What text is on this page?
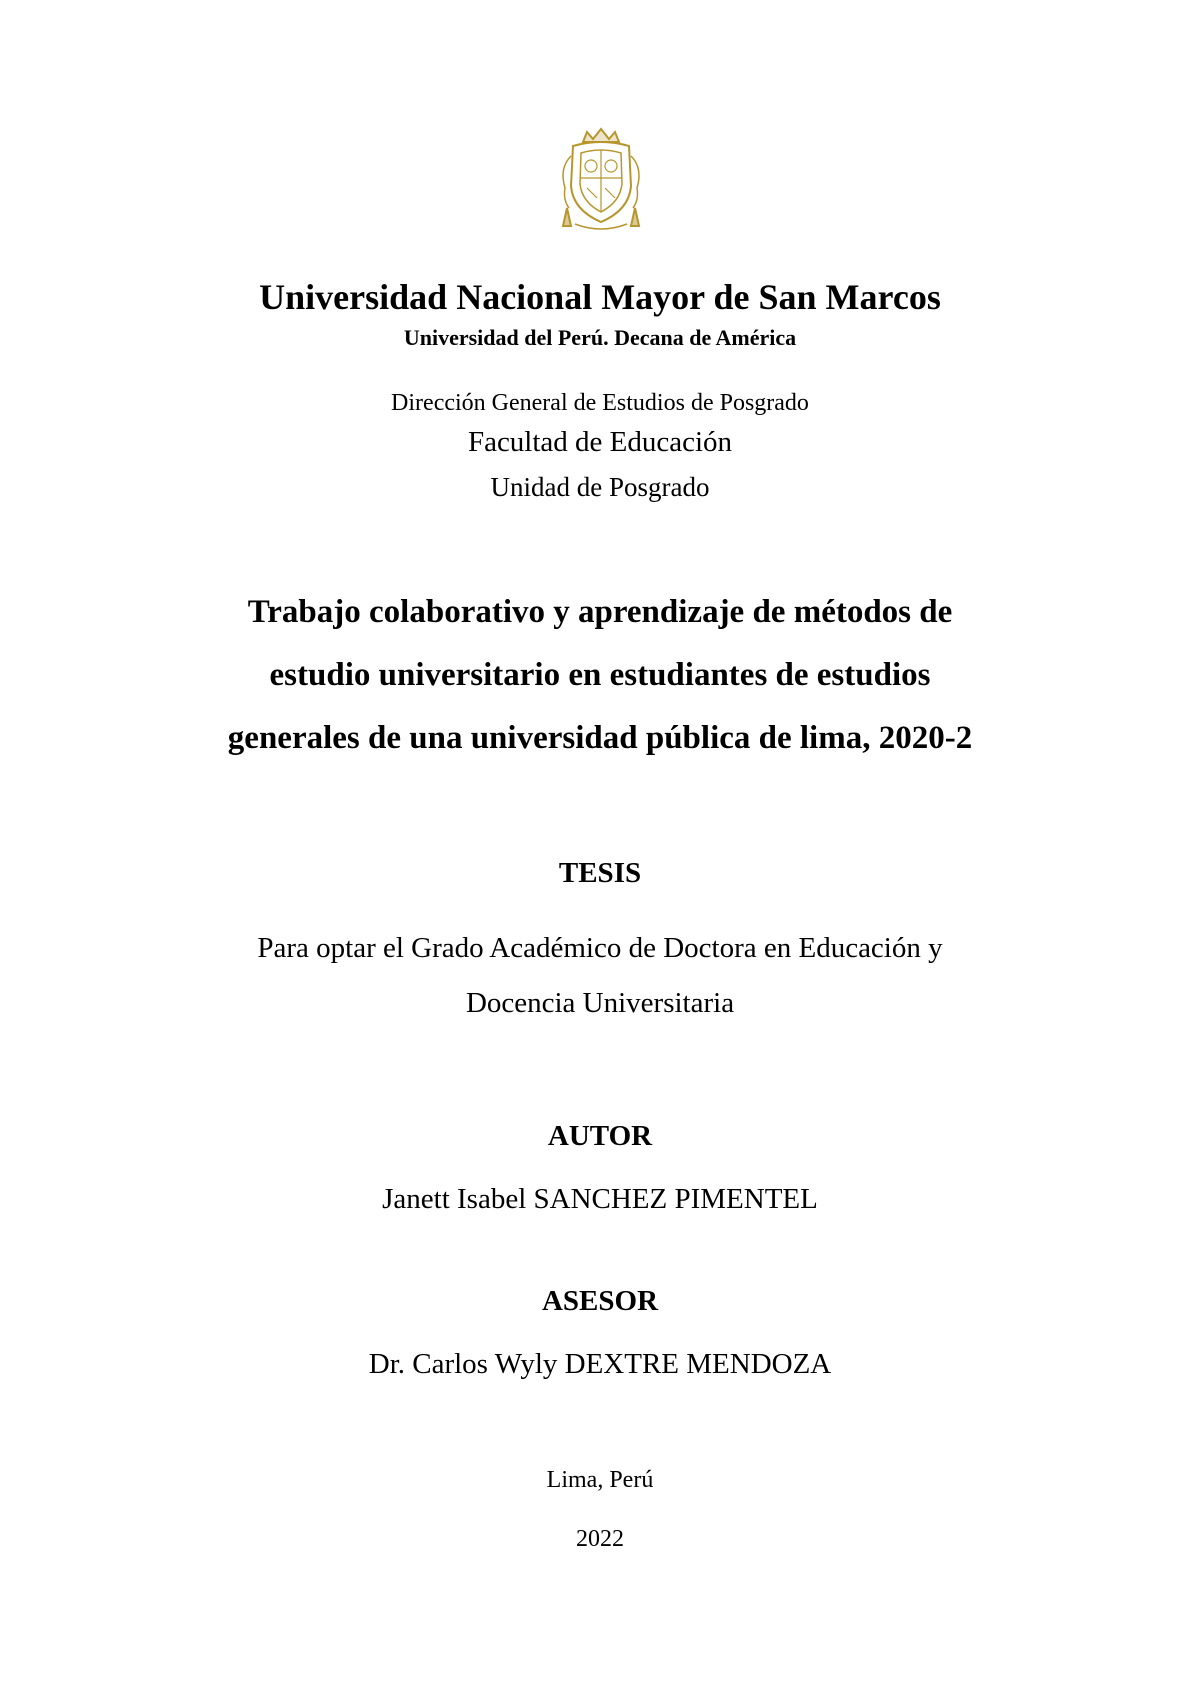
Universidad Nacional Mayor de San Marcos
Universidad del Perú. Decana de América
Dirección General de Estudios de Posgrado
Facultad de Educación
Unidad de Posgrado
Trabajo colaborativo y aprendizaje de métodos de
estudio universitario en estudiantes de estudios
generales de una universidad pública de lima, 2020-2
TESIS
Para optar el Grado Académico de Doctora en Educación y
Docencia Universitaria
AUTOR
Janett Isabel SANCHEZ PIMENTEL
ASESOR
Dr. Carlos Wyly DEXTRE MENDOZA
Lima, Perú
2022
